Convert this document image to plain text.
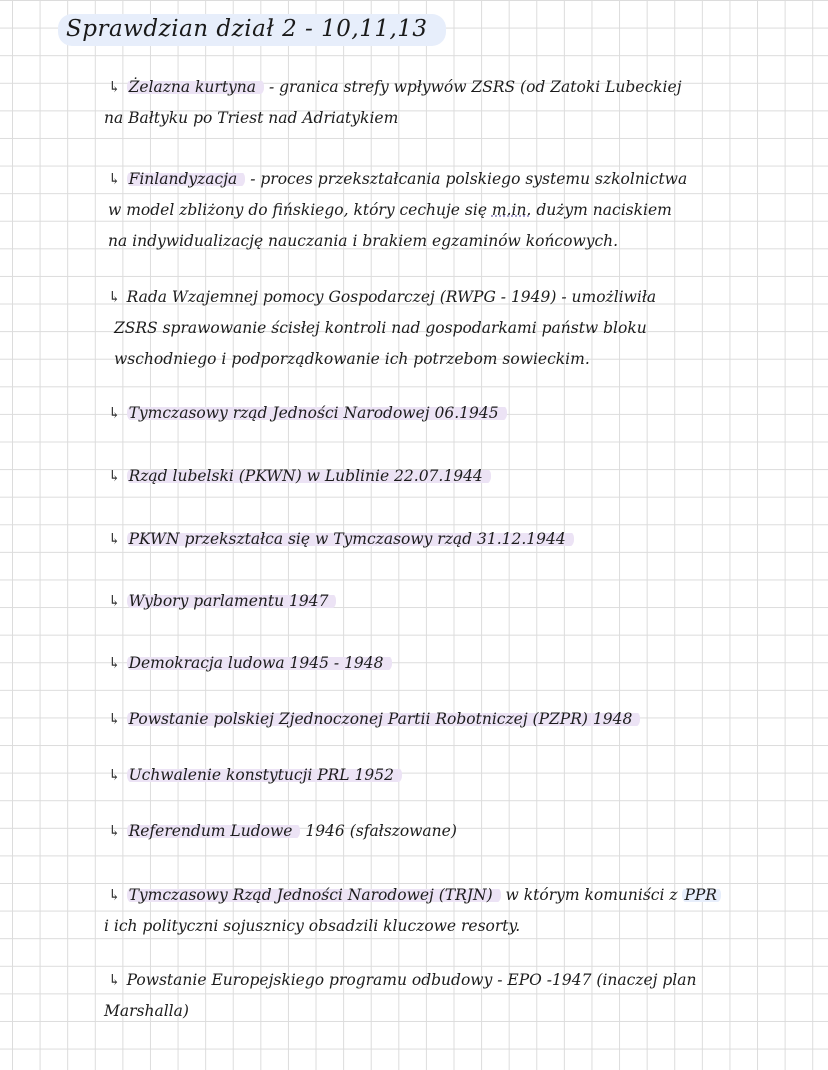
Sprawdzian dział 2 - 10,11,13
↳ Żelazna kurtyna - granica strefy wpływów ZSRS (od Zatoki Lubeckiej
na Bałtyku po Triest nad Adriatykiem
↳ Finlandyzacja - proces przekształcania polskiego systemu szkolnictwa
w model zbliżony do fińskiego, który cechuje się m.in. dużym naciskiem
na indywidualizację nauczania i brakiem egzaminów końcowych.
↳ Rada Wzajemnej pomocy Gospodarczej (RWPG - 1949) - umożliwiła
ZSRS sprawowanie ścisłej kontroli nad gospodarkami państw bloku
wschodniego i podporządkowanie ich potrzebom sowieckim.
↳ Tymczasowy rząd Jedności Narodowej 06.1945
↳ Rząd lubelski (PKWN) w Lublinie 22.07.1944
↳ PKWN przekształca się w Tymczasowy rząd 31.12.1944
↳ Wybory parlamentu 1947
↳ Demokracja ludowa 1945 - 1948
↳ Powstanie polskiej Zjednoczonej Partii Robotniczej (PZPR) 1948
↳ Uchwalenie konstytucji PRL 1952
↳ Referendum Ludowe 1946 (sfałszowane)
↳ Tymczasowy Rząd Jedności Narodowej (TRJN) w którym komuniści z PPR
i ich polityczni sojusznicy obsadzili kluczowe resorty.
↳ Powstanie Europejskiego programu odbudowy - EPO -1947 (inaczej plan
Marshalla)
